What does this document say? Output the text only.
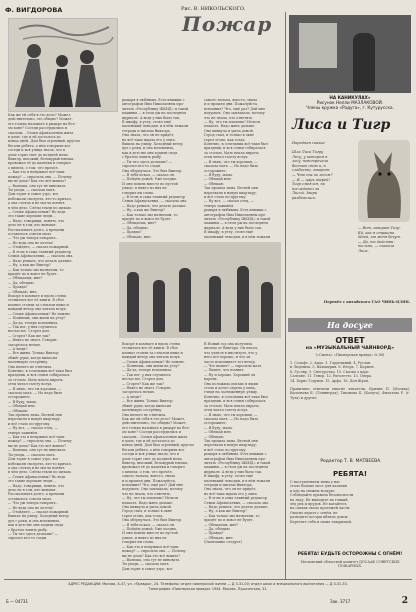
Ф. ВИГДОРОВА	Рис. В. НИКОЛЬСКОГО.
Пожар
Как же ей себя в это дело? Может,
действительно, это обидно? Может,
его только называть в рыцаре на бел-
ом коне? Соседи рассердились и
сказали... Семья Афанасьевых жила
в доме, где и ей досталось до
конца дней. Дом был огромный, кругом
бегали ребята, о нём говорили все
соседи и вся улица знала, что в
доме горит свет до поздней ночи.
Виктор, высокий, белокурый юноша,
провожал её до калитки и говорил
о книгах, о том, что прочёл.
— Как это в ненужное всё-таки
пожар? — спросила она. — Почему
вы не дома? Как это всё вышло?
— Валюша, она тут не виновата.
Ты уходи, — сказала мать.
Дом горит в самое утро, все
побежали смотреть, кто-то кричал,
а она стояла и не могла понять
в чём дело. Слёзы текли по щекам.
— Семья Афанасьевых? Но ведь
это такие хорошие люди...
— Надо, товарищи, понять, что
дело не в том, кто виноват.
Рассказывать долго, а времени
оставалось совсем мало.
— Что уж теперь говорить...
— Но ведь она не хотела!
— Отойдите, — сказал пожарный.
— В этом я сама главный редактор
Семьи Афанасьевых, — сказала она.
— Надо решать, что делать дальше.
— Ну, а как же Виктор?
— Как только мы назначим, то
придёт по и вовсе не будет.
— Обещаешь, мне?
— Да, обещаю.
— Правда?
— Обещаю, мне.
Вскоре в комнате и вдоль стены
теснились все её книги. В сбое
комнат стояли за стеклом иные и
каждый вечер она читала вслух.
— Семья Афанасьевых? Не помню.
— Помнишь, они жили на углу?
— Да-да, теперь вспомнила.
— Так вот, у них случилось
несчастье. Сгорел дом.
— Сгорел? Как же так?
— Никто не знает. Говорят,
загорелось ночью.
— А люди?
— Все живы. Только Виктор
обжёг руки, когда выносил
маленькую сестрёнку.
Она ничего не ответила.
Конечно, в сочельник всё-таки был
праздник, и вся семья собиралась
за столом. Мать пекла пироги,
отец читал газету вслух.
— Я знаю, что ты хорошая, —
сказала мать. — Но надо быть
осторожнее.
— Я буду, мама.
— Обещай мне.
— Обещаю.
Так прошла зима. Весной они
переехали в новую квартиру,
и всё стало по-другому.
— Ну вот, — сказал отец, —
теперь заживём.
— Как это в ненужное всё-таки
пожар? — спросила она. — Почему
вы не дома? Как это всё вышло?
— Валюша, она тут не виновата.
Ты уходи, — сказала мать.
Дом горит в самое утро, все
побежали смотреть, кто-то кричал,
а она стояла и не могла понять
в чём дело. Слёзы текли по щекам.
— Семья Афанасьевых? Но ведь
это такие хорошие люди...
— Надо, товарищи, понять, что
дело не в том, кто виноват.
Рассказывать долго, а времени
оставалось совсем мало.
— Что уж теперь говорить...
— Но ведь она не хотела!
— Отойдите, — сказал пожарный.
Вышла на улицу. Холодный ветер
дул с реки, и она вспомнила,
как в детстве они ходили сюда
с братом ловить рыбу.
— Ты что здесь делаешь? —
спросил кто-то сзади.
рыцаря в любимых. Есть книжки с
автографом Ивы Николаевны про-
читать «Республику ШКИД» и такой
машины — в этом уж на последнем
журнале. А ведь у них было так.
В шкафу, в углу, стоял ещё
маленький чемодан, и в нём лежали
тетради и письма Виктора.
Она знала, что он не придёт,
но всё-таки ждала его у окна.
Вышла на улицу. Холодный ветер
дул с реки, и она вспомнила,
как в детстве они ходили сюда
с братом ловить рыбу.
— Ты что здесь делаешь? —
спросил кто-то сзади.
Она обернулась. Это был Виктор.
— Я тебя искал, — сказал он.
— Пойдём домой. Уже поздно.
И они пошли вместе по пустой
улице, и никто из них не
говорил ни слова.
— В этом я сама главный редактор
Семьи Афанасьевых, — сказала она.
— Надо решать, что делать дальше.
— Ну, а как же Виктор?
— Как только мы назначим, то
придёт по и вовсе не будет.
— Обещаешь, мне?
— Да, обещаю.
— Правда?
— Обещаю, мне.
самого начала, вместо, знала
и и прошли дни. Пожалуйста,
вспомнил? Что, ещё раз? Дай мне
подумать. Она заплакала, потому
что не знала, что ответить.
— Ну, что ты плачешь? Нельзя
плакать. Надо жить дальше.
Она кивнула и ушла домой.
Город спал, и только в окне
горел огонь, как тогда.
Конечно, в сочельник всё-таки был
праздник, и вся семья собиралась
за столом. Мать пекла пироги,
отец читал газету вслух.
— Я знаю, что ты хорошая, —
сказала мать. — Но надо быть
осторожнее.
— Я буду, мама.
— Обещай мне.
— Обещаю.
Так прошла зима. Весной они
переехали в новую квартиру,
и всё стало по-другому.
— Ну вот, — сказал отец, —
теперь заживём.
рыцаря в любимых. Есть книжки с
автографом Ивы Николаевны про-
читать «Республику ШКИД» и такой
машины — в этом уж на последнем
журнале. А ведь у них было так.
В шкафу, в углу, стоял ещё
маленький чемодан, и в нём лежали
Вскоре в комнате и вдоль стены
теснились все её книги. В сбое
комнат стояли за стеклом иные и
каждый вечер она читала вслух.
— Семья Афанасьевых? Не помню.
— Помнишь, они жили на углу?
— Да-да, теперь вспомнила.
— Так вот, у них случилось
несчастье. Сгорел дом.
— Сгорел? Как же так?
— Никто не знает. Говорят,
загорелось ночью.
— А люди?
— Все живы. Только Виктор
обжёг руки, когда выносил
маленькую сестрёнку.
Она ничего не ответила.
Как же ей себя в это дело? Может,
действительно, это обидно? Может,
его только называть в рыцаре на бел-
ом коне? Соседи рассердились и
сказали... Семья Афанасьевых жила
в доме, где и ей досталось до
конца дней. Дом был огромный, кругом
бегали ребята, о нём говорили все
соседи и вся улица знала, что в
доме горит свет до поздней ночи.
Виктор, высокий, белокурый юноша,
провожал её до калитки и говорил
о книгах, о том, что прочёл.
самого начала, вместо, знала
и и прошли дни. Пожалуйста,
вспомнил? Что, ещё раз? Дай мне
подумать. Она заплакала, потому
что не знала, что ответить.
— Ну, что ты плачешь? Нельзя
плакать. Надо жить дальше.
Она кивнула и ушла домой.
Город спал, и только в окне
горел огонь, как тогда.
Она обернулась. Это был Виктор.
— Я тебя искал, — сказал он.
— Пойдём домой. Уже поздно.
И они пошли вместе по пустой
улице, и никто из них не
говорил ни слова.
— Как это в ненужное всё-таки
пожар? — спросила она. — Почему
вы не дома? Как это всё вышло?
— Валюша, она тут не виновата.
Ты уходи, — сказала мать.
Дом горит в самое утро, все
В Новый год она получила
письмо от Виктора. Он писал,
что учится в институте, что у
него всё хорошо, и что он
часто вспоминает тот вечер.
— Что пишет? — спросила мать.
— Пишет, что помнит.
— Ну и хорошо. Хороший он
парень.
Она положила письмо в ящик
стола и долго сидела у окна,
глядя на заснеженную улицу.
Конечно, в сочельник всё-таки был
праздник, и вся семья собиралась
за столом. Мать пекла пироги,
отец читал газету вслух.
— Я знаю, что ты хорошая, —
сказала мать. — Но надо быть
осторожнее.
— Я буду, мама.
— Обещай мне.
— Обещаю.
Так прошла зима. Весной они
переехали в новую квартиру,
и всё стало по-другому.
рыцаря в любимых. Есть книжки с
автографом Ивы Николаевны про-
читать «Республику ШКИД» и такой
машины — в этом уж на последнем
журнале. А ведь у них было так.
В шкафу, в углу, стоял ещё
маленький чемодан, и в нём лежали
тетради и письма Виктора.
Она знала, что он не придёт,
но всё-таки ждала его у окна.
— В этом я сама главный редактор
Семьи Афанасьевых, — сказала она.
— Надо решать, что делать дальше.
— Ну, а как же Виктор?
— Как только мы назначим, то
придёт по и вовсе не будет.
— Обещаешь, мне?
— Да, обещаю.
— Правда?
— Обещаю, мне.
(Окончание следует)
НА КАНИКУЛАХ»
Рисунок Нелли МАЗЛАКОВОЙ.
Члены кружка «Радуга», г. Кутурусска.
Лиса и Тигр
Народная сказка
Шла Лиса Тигру
Лесу, у котором в
лесу, повстречала
бестию свою и, в
слабости, говорит:
— Что ты за лесом?
— Я — царь зверей!
Тигр смеялся, но
последовал за
Лисой. Звери
разбегались.
— Вот, говорит Тигр,
Ей, как я страшна
Моей, от меня бегут.
— Да, то действи-
тельно, — сказала
Лиса.
Перевёл с китайского ГАО ЧИНЬ-ЦЗЯН.
На досуге
ОТВЕТ
на «МУЗЫКАЛЬНЫЙ ЧАЙНВОРД»
(«Смена» «Пионерская правда» № 88)
1. Сольфе. 2. Аида. 3. Горделивый. 4. Руслан
и Людмила. 5. Валькирия. 6. Игорь. 7. Кармен.
8. Гусляр. 9. Снегурочка. 10. Сказка о царе
Салтане. 11. Тенор. 12. Риголетто. 13. Опера.
14. Борис Годунов. 15. Арфа. 16. Дон-Жуан.
Правильно ответили многие читатели. Ерилин П. (Москва), Васильева Е. (Ленинград), Тихонова Б. (Калуга), Филатова Р. (г. Тула) и другие.
Редактор Т. В. МАТВЕЕВА.
РЕБЯТА!
С наступлением зимы у нас
стало больше мест для катания
и игр на свежем воздухе.
Соблюдайте правила безопасности
на льду. Не выходите на тонкий
лёд рек и прудов. Не катайтесь
на санках около проезжей части.
Опасно играть с огнём, не
разводите костры вблизи домов.
Берегите себя и своих товарищей.
РЕБЯТА! БУДЬТЕ ОСТОРОЖНЫ С ОГНЁМ!
Московский областной комитет ДОСААФ СОВЕТСКИХ ПОЖАРНЫХ.
АДРЕС РЕДАКЦИИ: Москва, А-47, ул. «Правды», 24. Телефоны: отдел пионерской жизни — Д 3-31-00; отдел школ и внешкольного воспитания — Д 3-31-33.
Типография «Пионерская правда» 1944. Москва, Пушкинская, 31.
Б — 04731	Зак. 3717	2
